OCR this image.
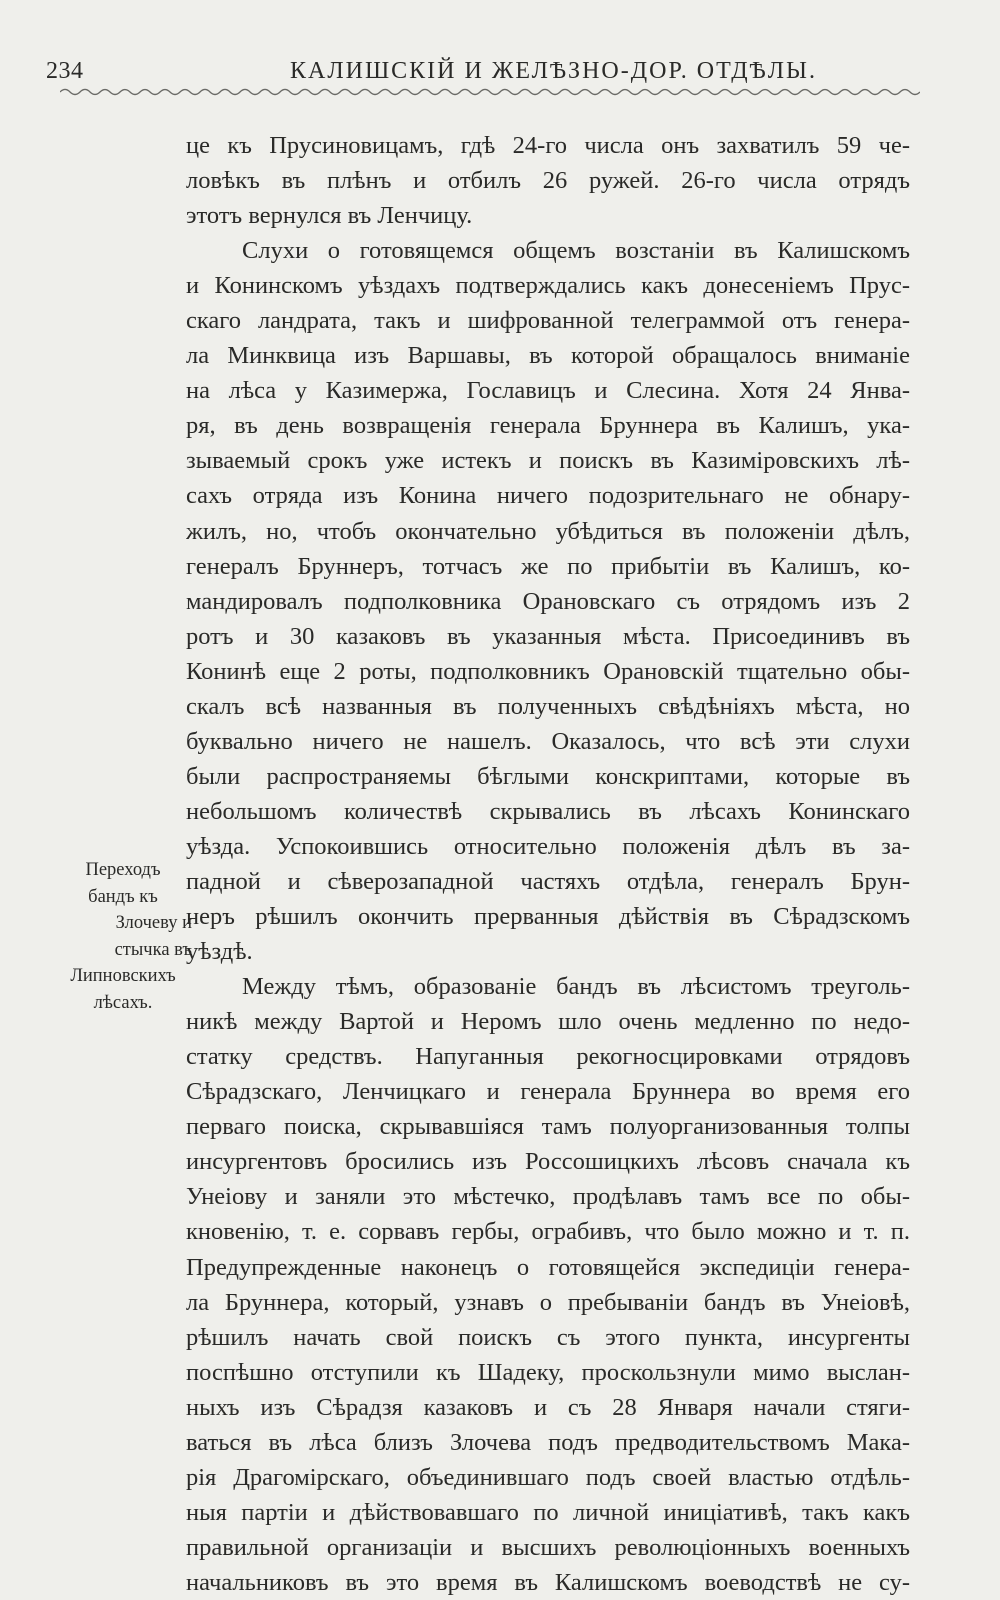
234	КАЛИШСКІЙ И ЖЕЛѢЗНО-ДОР. ОТДѢЛЫ.

Переходъ
бандъ къ
Злочеву и
стычка въ
Липновскихъ
лѣсахъ.
це къ Прусиновицамъ, гдѣ 24-го числа онъ захватилъ 59 че-
ловѣкъ въ плѣнъ и отбилъ 26 ружей. 26-го числа отрядъ
этотъ вернулся въ Ленчицу.
Слухи о готовящемся общемъ возстаніи въ Калишскомъ
и Конинскомъ уѣздахъ подтверждались какъ донесеніемъ Прус-
скаго ландрата, такъ и шифрованной телеграммой отъ генера-
ла Минквица изъ Варшавы, въ которой обращалось вниманіе
на лѣса у Казимержа, Гославицъ и Слесина. Хотя 24 Янва-
ря, въ день возвращенія генерала Бруннера въ Калишъ, ука-
зываемый срокъ уже истекъ и поискъ въ Казиміровскихъ лѣ-
сахъ отряда изъ Конина ничего подозрительнаго не обнару-
жилъ, но, чтобъ окончательно убѣдиться въ положеніи дѣлъ,
генералъ Бруннеръ, тотчасъ же по прибытіи въ Калишъ, ко-
мандировалъ подполковника Орановскаго съ отрядомъ изъ 2
ротъ и 30 казаковъ въ указанныя мѣста. Присоединивъ въ
Конинѣ еще 2 роты, подполковникъ Орановскій тщательно обы-
скалъ всѣ названныя въ полученныхъ свѣдѣніяхъ мѣста, но
буквально ничего не нашелъ. Оказалось, что всѣ эти слухи
были распространяемы бѣглыми конскриптами, которые въ
небольшомъ количествѣ скрывались въ лѣсахъ Конинскаго
уѣзда. Успокоившись относительно положенія дѣлъ въ за-
падной и сѣверозападной частяхъ отдѣла, генералъ Брун-
неръ рѣшилъ окончить прерванныя дѣйствія въ Сѣрадзскомъ
уѣздѣ.
Между тѣмъ, образованіе бандъ въ лѣсистомъ треуголь-
никѣ между Вартой и Неромъ шло очень медленно по недо-
статку средствъ. Напуганныя рекогносцировками отрядовъ
Сѣрадзскаго, Ленчицкаго и генерала Бруннера во время его
перваго поиска, скрывавшіяся тамъ полуорганизованныя толпы
инсургентовъ бросились изъ Россошицкихъ лѣсовъ сначала къ
Унеіову и заняли это мѣстечко, продѣлавъ тамъ все по обы-
кновенію, т. е. сорвавъ гербы, ограбивъ, что было можно и т. п.
Предупрежденные наконецъ о готовящейся экспедиціи генера-
ла Бруннера, который, узнавъ о пребываніи бандъ въ Унеіовѣ,
рѣшилъ начать свой поискъ съ этого пункта, инсургенты
поспѣшно отступили къ Шадеку, проскользнули мимо выслан-
ныхъ изъ Сѣрадзя казаковъ и съ 28 Января начали стяги-
ваться въ лѣса близъ Злочева подъ предводительствомъ Мака-
рія Драгомірскаго, объединившаго подъ своей властью отдѣль-
ныя партіи и дѣйствовавшаго по личной иниціативѣ, такъ какъ
правильной организаціи и высшихъ революціонныхъ военныхъ
начальниковъ въ это время въ Калишскомъ воеводствѣ не су-
